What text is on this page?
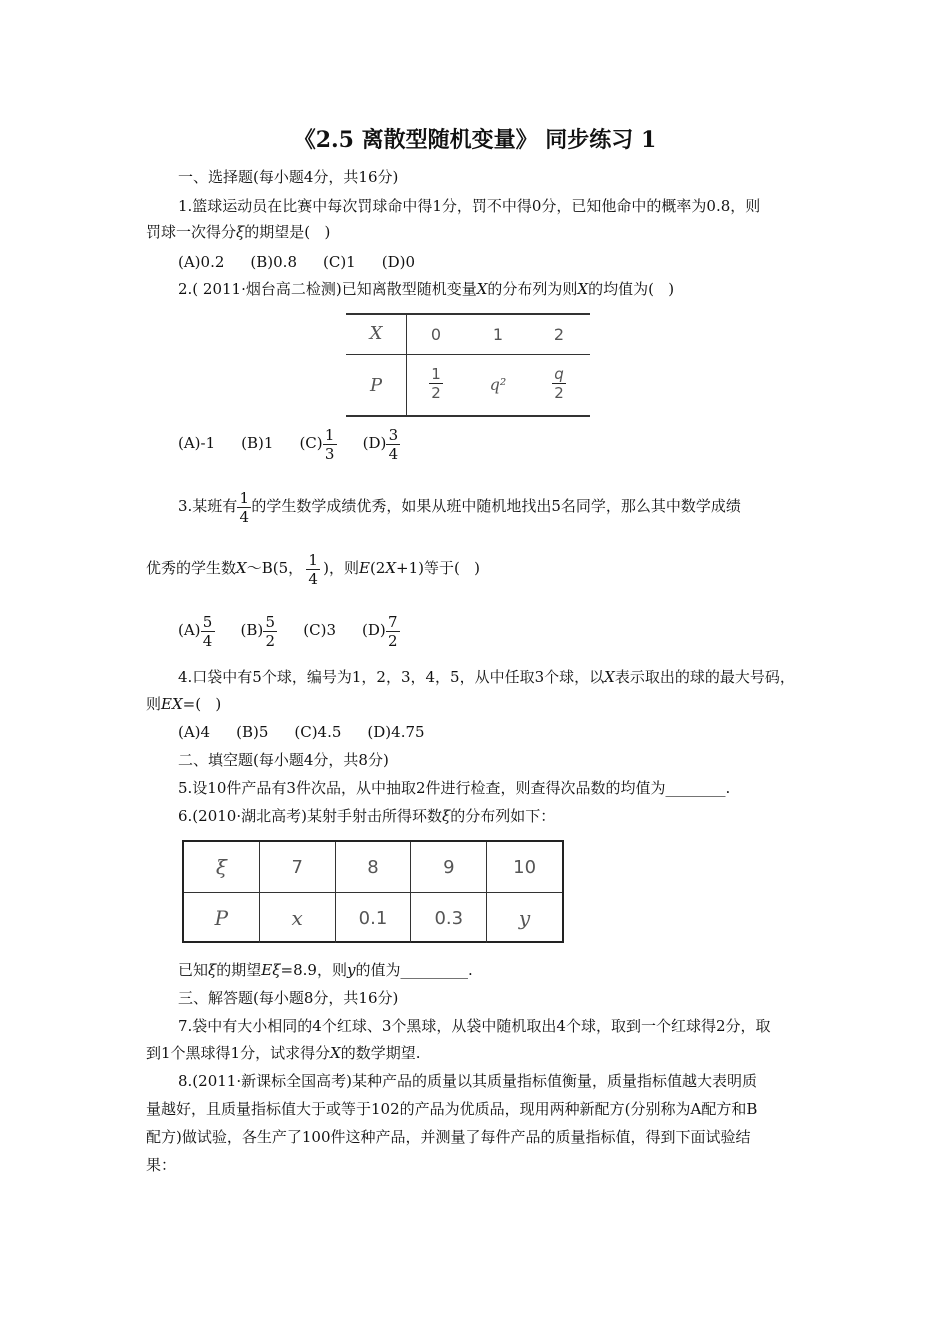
《2.5 离散型随机变量》 同步练习 1
一、选择题(每小题4分，共16分)
1.篮球运动员在比赛中每次罚球命中得1分，罚不中得0分，已知他命中的概率为0.8，则
罚球一次得分ξ的期望是(   )
(A)0.2 (B)0.8 (C)1 (D)0
2.( 2011·烟台高二检测)已知离散型随机变量X的分布列为则X的均值为(   )
X	0	1	2
P	$\frac{1}{2}$	q²	$\frac{q}{2}$
(A)-1 (B)1 $(C) \frac{1}{3} (D) \frac{3}{4}$
3.某班有 $\frac{1}{4}$ 的学生数学成绩优秀，如果从班中随机地找出5名同学，那么其中数学成绩
优秀的学生数X～B(5， $\frac{1}{4}$ )，则E(2X+1)等于(   )
$(A) \frac{5}{4} (B) \frac{5}{2} (C)3$ $(D) \frac{7}{2}$
4.口袋中有5个球，编号为1，2，3，4，5，从中任取3个球，以X表示取出的球的最大号码，
则EX=(   )
(A)4 (B)5 (C)4.5 (D)4.75
二、填空题(每小题4分，共8分)
5.设10件产品有3件次品，从中抽取2件进行检查，则查得次品数的均值为________.
6.(2010·湖北高考)某射手射击所得环数ξ的分布列如下：
ξ	7	8	9	10
P	x	0.1	0.3	y
已知ξ的期望Eξ=8.9，则y的值为_________.
三、解答题(每小题8分，共16分)
7.袋中有大小相同的4个红球、3个黑球，从袋中随机取出4个球，取到一个红球得2分，取
到1个黑球得1分，试求得分X的数学期望.
8.(2011·新课标全国高考)某种产品的质量以其质量指标值衡量，质量指标值越大表明质
量越好，且质量指标值大于或等于102的产品为优质品，现用两种新配方(分别称为A配方和B
配方)做试验，各生产了100件这种产品，并测量了每件产品的质量指标值，得到下面试验结
果：
